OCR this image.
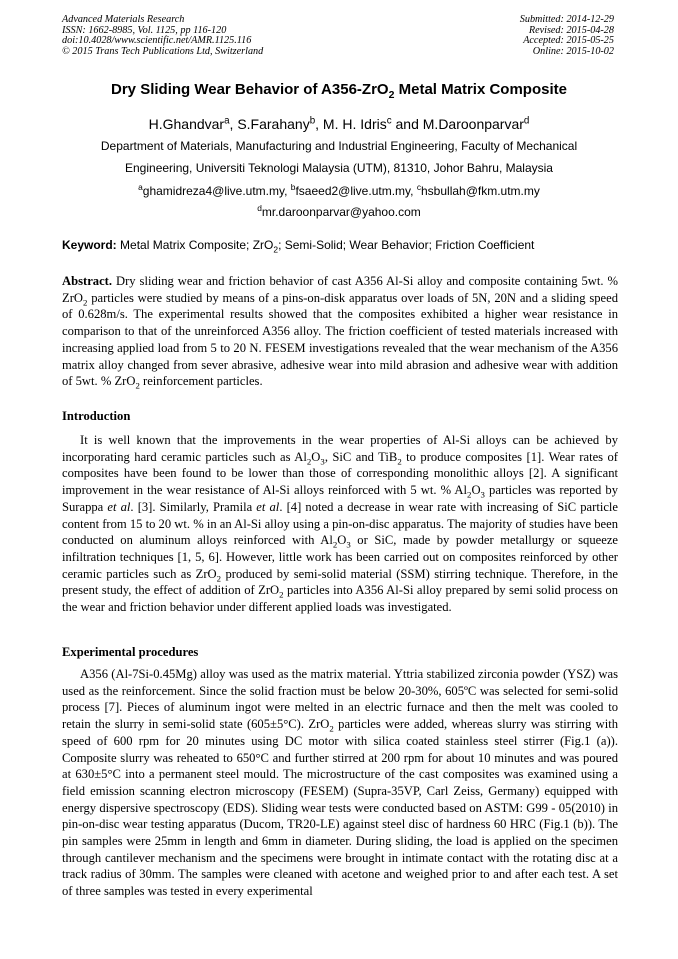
Advanced Materials Research
ISSN: 1662-8985, Vol. 1125, pp 116-120
doi:10.4028/www.scientific.net/AMR.1125.116
© 2015 Trans Tech Publications Ltd, Switzerland
Submitted: 2014-12-29
Revised: 2015-04-28
Accepted: 2015-05-25
Online: 2015-10-02
Dry Sliding Wear Behavior of A356-ZrO$_2$ Metal Matrix Composite
H.Ghandvar$^a$, S.Farahany$^b$, M. H. Idris$^c$ and M.Daroonparvar$^d$
Department of Materials, Manufacturing and Industrial Engineering, Faculty of Mechanical
Engineering, Universiti Teknologi Malaysia (UTM), 81310, Johor Bahru, Malaysia
$^a$ghamidreza4@live.utm.my, $^b$fsaeed2@live.utm.my, $^c$hsbullah@fkm.utm.my
$^d$mr.daroonparvar@yahoo.com
Keyword: Metal Matrix Composite; ZrO$_2$; Semi-Solid; Wear Behavior; Friction Coefficient
Abstract. Dry sliding wear and friction behavior of cast A356 Al-Si alloy and composite containing 5wt. % ZrO$_2$ particles were studied by means of a pins-on-disk apparatus over loads of 5N, 20N and a sliding speed of 0.628m/s. The experimental results showed that the composites exhibited a higher wear resistance in comparison to that of the unreinforced A356 alloy. The friction coefficient of tested materials increased with increasing applied load from 5 to 20 N. FESEM investigations revealed that the wear mechanism of the A356 matrix alloy changed from sever abrasive, adhesive wear into mild abrasion and adhesive wear with addition of 5wt. % ZrO$_2$ reinforcement particles.
Introduction

It is well known that the improvements in the wear properties of Al-Si alloys can be achieved by incorporating hard ceramic particles such as $Al_2O_3$, SiC and TiB$_2$ to produce composites [1]. Wear rates of composites have been found to be lower than those of corresponding monolithic alloys [2]. A significant improvement in the wear resistance of Al-Si alloys reinforced with 5 wt. % $Al_2O_3$ particles was reported by Surappa et al. [3]. Similarly, Pramila et al. [4] noted a decrease in wear rate with increasing of SiC particle content from 15 to 20 wt. % in an Al-Si alloy using a pin-on-disc apparatus. The majority of studies have been conducted on aluminum alloys reinforced with $Al_2O_3$ or SiC, made by powder metallurgy or squeeze infiltration techniques [1, 5, 6]. However, little work has been carried out on composites reinforced by other ceramic particles such as ZrO$_2$ produced by semi-solid material (SSM) stirring technique. Therefore, in the present study, the effect of addition of ZrO$_2$ particles into A356 Al-Si alloy prepared by semi solid process on the wear and friction behavior under different applied loads was investigated.

Experimental procedures

A356 (Al-7Si-0.45Mg) alloy was used as the matrix material. Yttria stabilized zirconia powder (YSZ) was used as the reinforcement. Since the solid fraction must be below 20-30%, 605ºC was selected for semi-solid process [7]. Pieces of aluminum ingot were melted in an electric furnace and then the melt was cooled to retain the slurry in semi-solid state (605±5°C). ZrO$_2$ particles were added, whereas slurry was stirring with speed of 600 rpm for 20 minutes using DC motor with silica coated stainless steel stirrer (Fig.1 (a)). Composite slurry was reheated to 650°C and further stirred at 200 rpm for about 10 minutes and was poured at 630±5°C into a permanent steel mould. The microstructure of the cast composites was examined using a field emission scanning electron microscopy (FESEM) (Supra-35VP, Carl Zeiss, Germany) equipped with energy dispersive spectroscopy (EDS). Sliding wear tests were conducted based on ASTM: G99 - 05(2010) in pin-on-disc wear testing apparatus (Ducom, TR20-LE) against steel disc of hardness 60 HRC (Fig.1 (b)). The pin samples were 25mm in length and 6mm in diameter. During sliding, the load is applied on the specimen through cantilever mechanism and the specimens were brought in intimate contact with the rotating disc at a track radius of 30mm. The samples were cleaned with acetone and weighed prior to and after each test. A set of three samples was tested in every experimental
